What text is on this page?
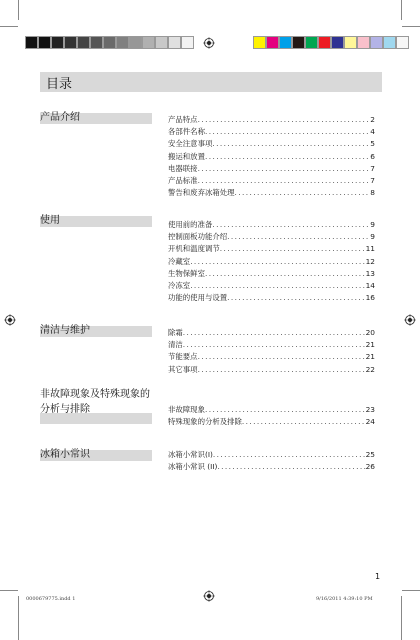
目录
产品介绍	产品特点 .....	2
各部件名称 .....	4
安全注意事项 .....	5
搬运和放置 .....	6
电器联接 .....	7
产品标准 .....	7
警告和废弃冰箱处理 .....	8
使用	使用前的准备 .....	9
控制面板功能介绍 .....	9
开机和温度调节 .....	11
冷藏室 .....	12
生物保鲜室 .....	13
冷冻室 .....	14
功能的使用与设置 .....	16
清洁与维护	除霜 .....	20
清洁 .....	21
节能要点 .....	21
其它事项 .....	22
非故障现象及特殊现象的
分析与排除	非故障现象 .....	23
特殊现象的分析及排除 .....	24
冰箱小常识	冰箱小常识(I) .....	25
冰箱小常识 (II) .....	26
1
0000679775.indd 1	9/16/2011 4:39:10 PM
